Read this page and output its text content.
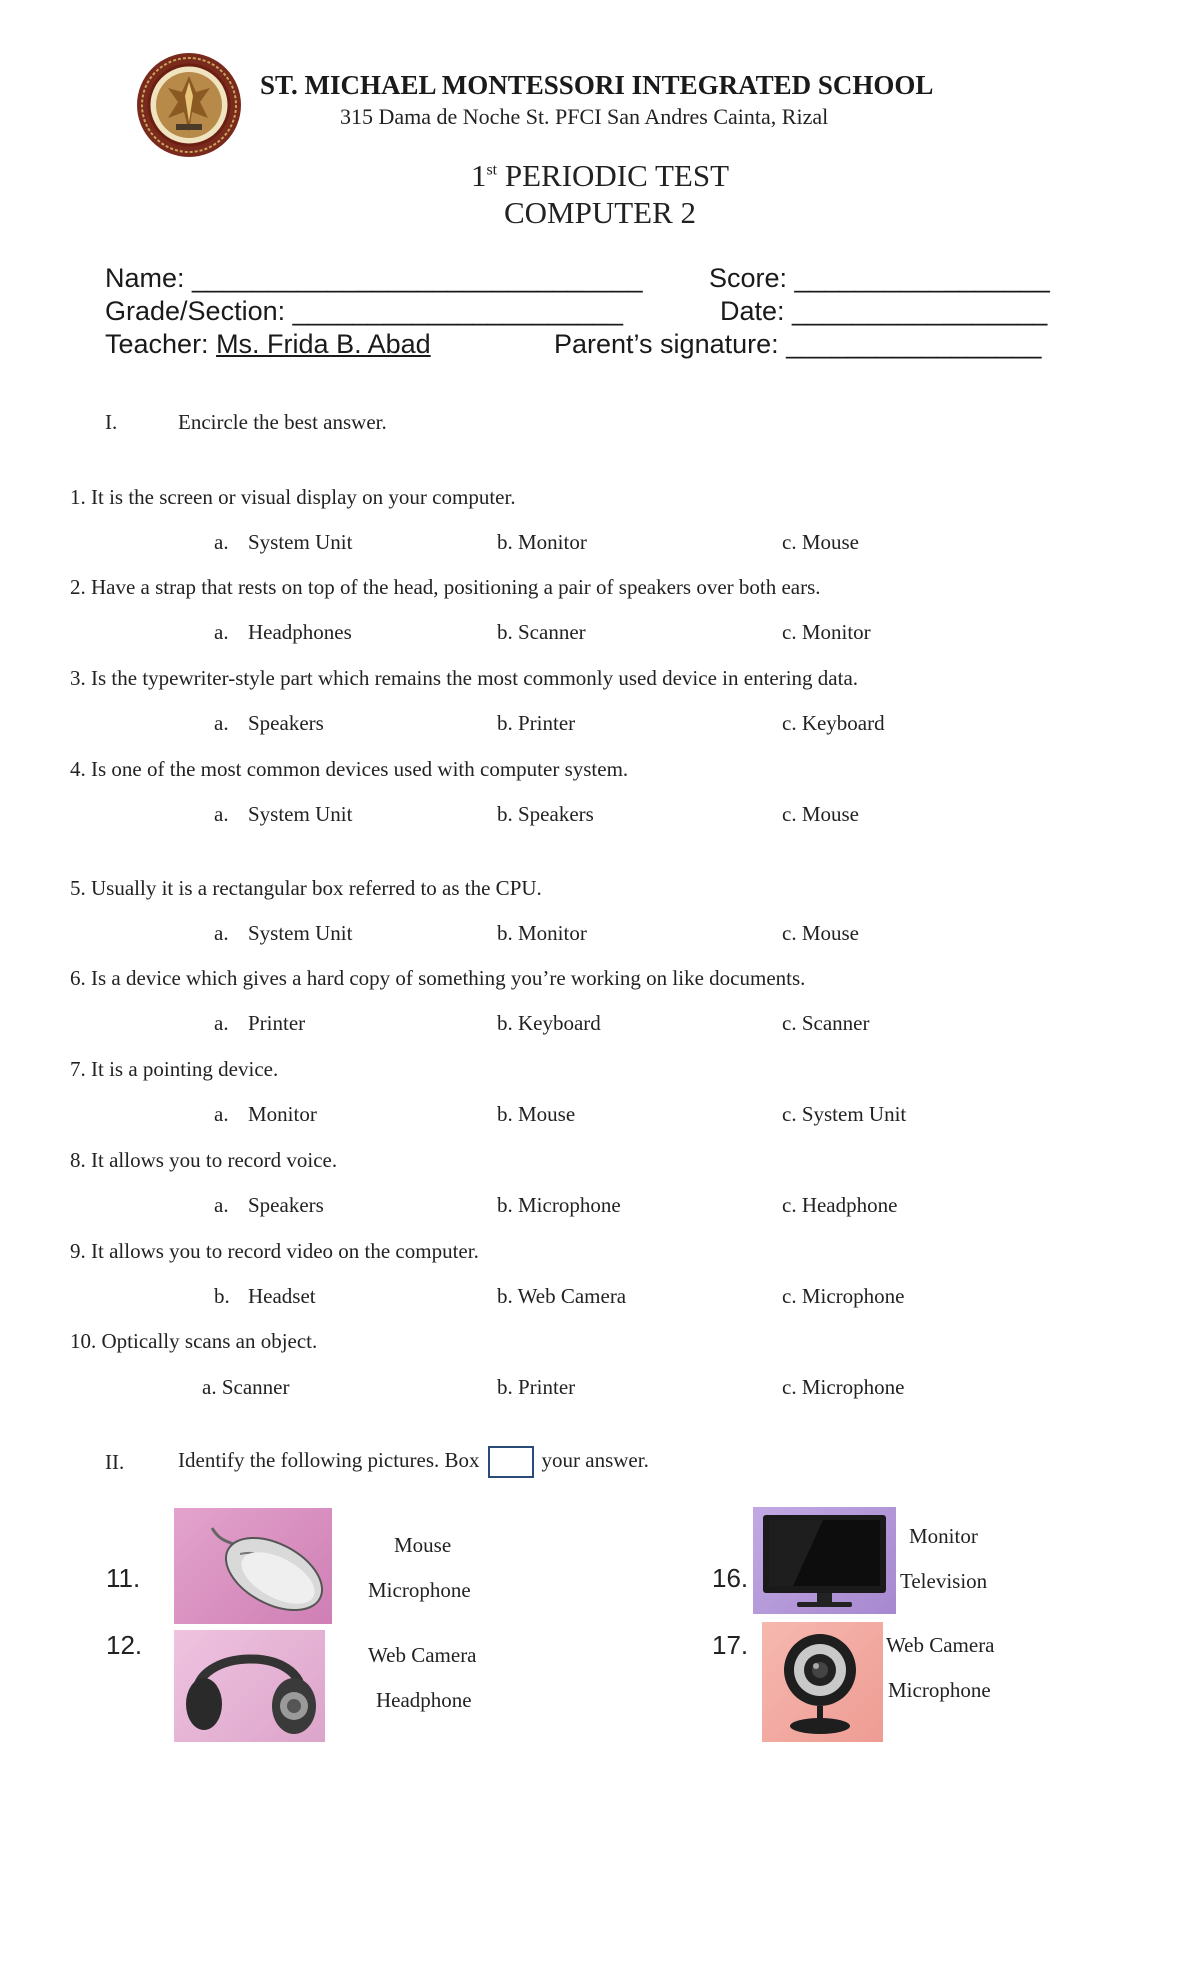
ST. MICHAEL MONTESSORI INTEGRATED SCHOOL
315 Dama de Noche St. PFCI San Andres Cainta, Rizal
1st PERIODIC TEST
COMPUTER 2
Name: ______________________________ Score: _________________
Grade/Section: ______________________	Date: _________________
Teacher: Ms. Frida B. Abad	Parent’s signature: _________________
I.	Encircle the best answer.
1. It is the screen or visual display on your computer.
a. System Unit	b. Monitor	c. Mouse
2. Have a strap that rests on top of the head, positioning a pair of speakers over both ears.
a. Headphones	b. Scanner	c. Monitor
3. Is the typewriter-style part which remains the most commonly used device in entering data.
a. Speakers	b. Printer	c. Keyboard
4. Is one of the most common devices used with computer system.
a. System Unit	b. Speakers	c. Mouse
5. Usually it is a rectangular box referred to as the CPU.
a. System Unit	b. Monitor	c. Mouse
6. Is a device which gives a hard copy of something you’re working on like documents.
a. Printer	b. Keyboard	c. Scanner
7. It is a pointing device.
a. Monitor	b. Mouse	c. System Unit
8. It allows you to record voice.
a. Speakers	b. Microphone	c. Headphone
9. It allows you to record video on the computer.
b. Headset	b. Web Camera	c. Microphone
10. Optically scans an object.
a. Scanner	b. Printer	c. Microphone
II.	Identify the following pictures. Box	your answer.
11.
Mouse
Microphone
12.	Web Camera
Headphone
16.
Monitor
Television
17.	Web Camera
Microphone
